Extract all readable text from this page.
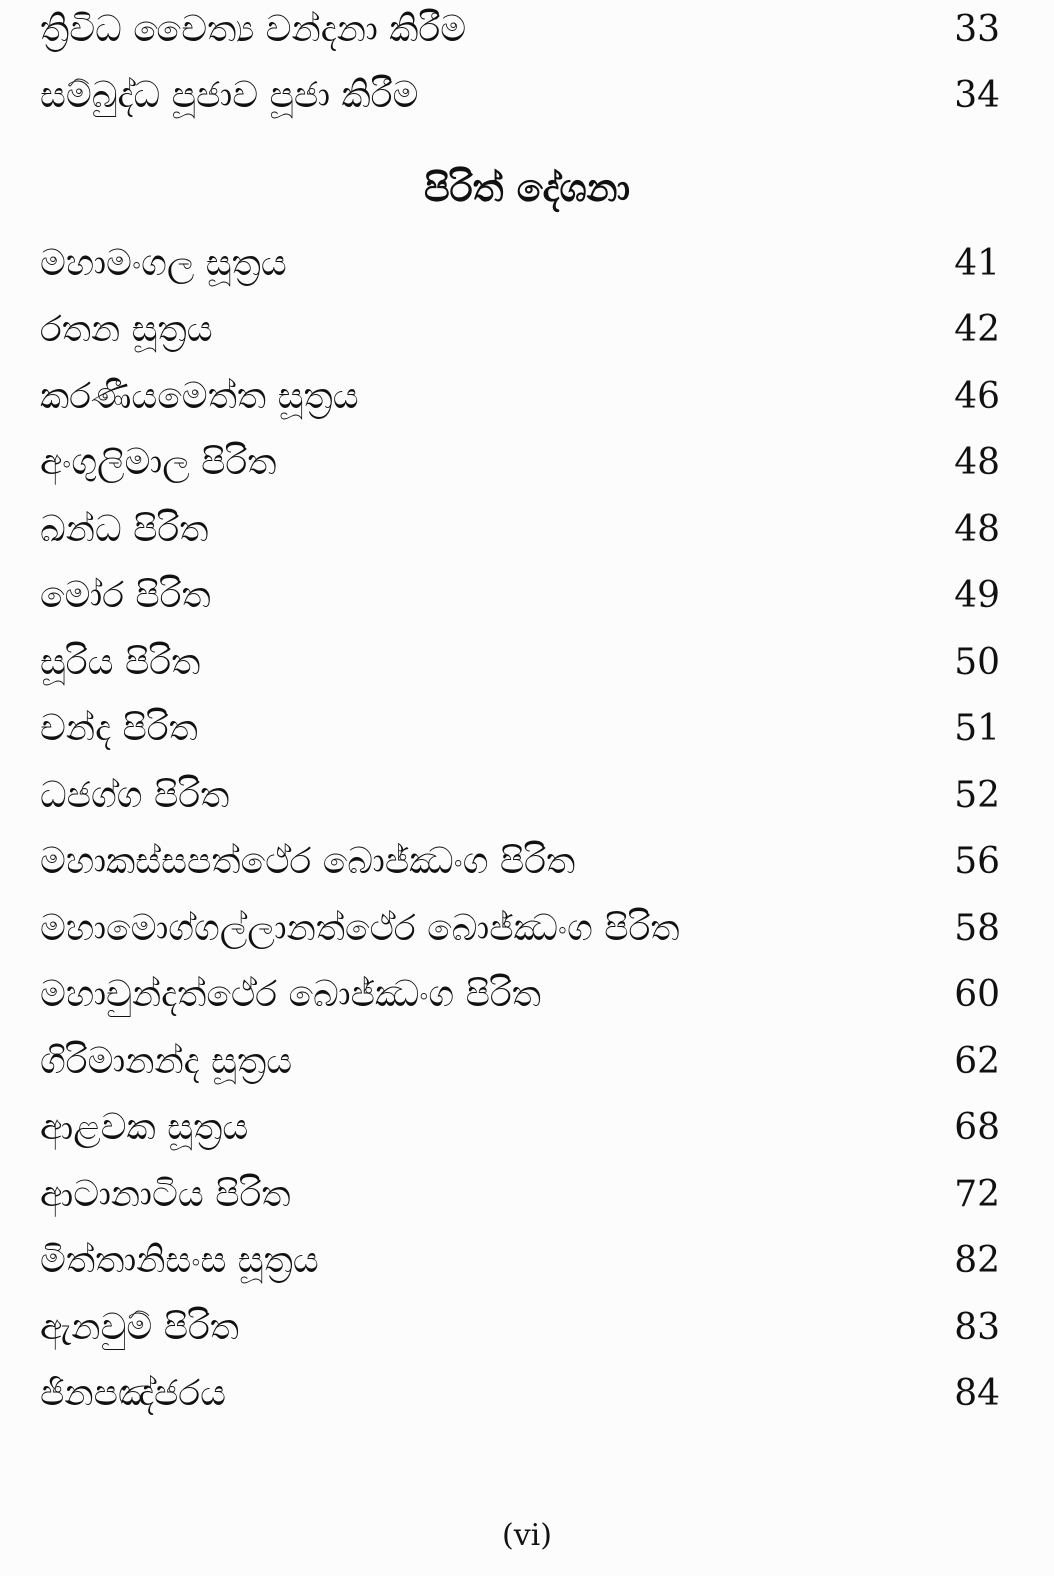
ත්‍රිවිධ චෛත්‍ය වන්දනා කිරීම	33
සම්බුද්ධ පූජාව පූජා කිරීම	34
පිරිත් දේශනා
මහාමංගල සූත්‍රය	41
රතන සූත්‍රය	42
කරණීයමෙත්ත සූත්‍රය	46
අංගුලිමාල පිරිත	48
ඛන්ධ පිරිත	48
මෝර පිරිත	49
සූරිය පිරිත	50
චන්ද පිරිත	51
ධජග්ග පිරිත	52
මහාකස්සපත්ථේර බොජ්ඣංග පිරිත	56
මහාමොග්ගල්ලානත්ථේර බොජ්ඣංග පිරිත	58
මහාචුන්දත්ථේර බොජ්ඣංග පිරිත	60
ගිරිමානන්ද සූත්‍රය	62
ආළවක සූත්‍රය	68
ආටානාටිය පිරිත	72
මිත්තානිසංස සූත්‍රය	82
ඇනවුම් පිරිත	83
ජිනපඤ්ජරය	84
(vi)
